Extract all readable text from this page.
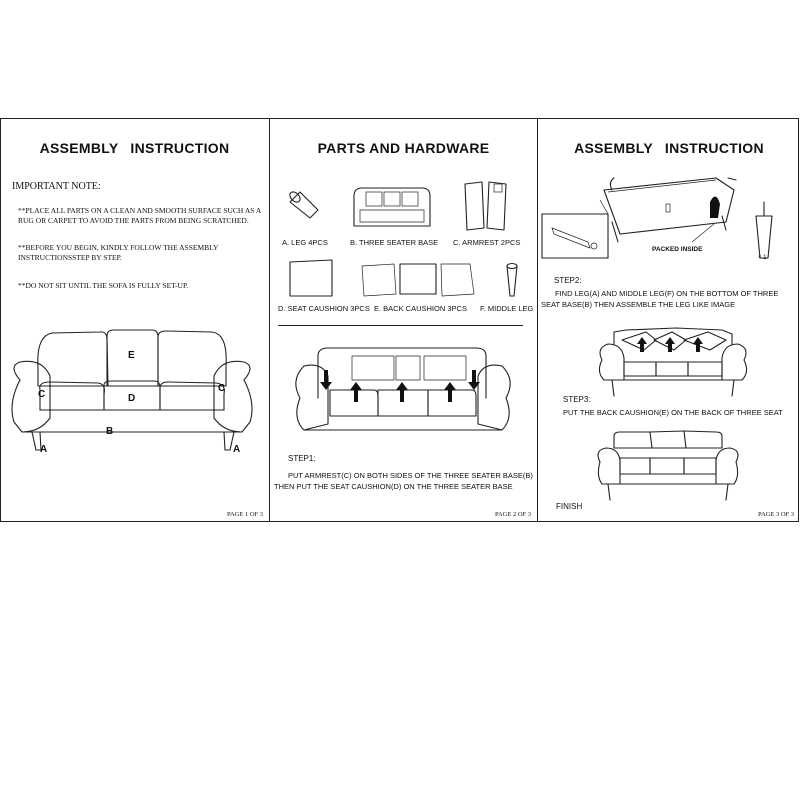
ASSEMBLY INSTRUCTION
IMPORTANT NOTE:
**PLACE ALL PARTS ON A CLEAN AND SMOOTH SURFACE SUCH AS A RUG OR CARPET TO AVOID THE PARTS FROM BEING SCRATCHED.
**BEFORE YOU BEGIN, KINDLY FOLLOW THE ASSEMBLY INSTRUCTIONSSTEP BY STEP.
**DO NOT SIT UNTIL THE SOFA IS FULLY SET-UP.
E
C
C
D
B
A	A
PAGE 1 OF 3
PARTS AND HARDWARE
A. LEG 4PCS	B. THREE SEATER BASE C. ARMREST 2PCS
D. SEAT CAUSHION 3PCS E. BACK CAUSHION 3PCS F. MIDDLE LEG
STEP1:
PUT ARMREST(C) ON BOTH SIDES OF THE THREE SEATER BASE(B) THEN PUT THE SEAT CAUSHION(D) ON THE THREE SEATER BASE
PAGE 2 OF 3
ASSEMBLY INSTRUCTION
PACKED INSIDE
× 1
STEP2:
FIND LEG(A) AND MIDDLE LEG(F) ON THE BOTTOM OF THREE SEAT BASE(B) THEN ASSEMBLE THE LEG LIKE IMAGE
STEP3:
PUT THE BACK CAUSHION(E) ON THE BACK OF THREE SEAT
FINISH
PAGE 3 OF 3
